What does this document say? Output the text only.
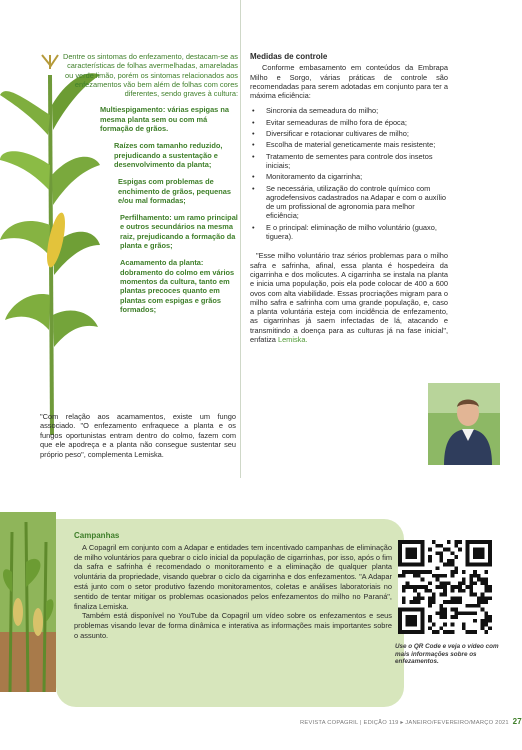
Dentre os sintomas do enfezamento, destacam-se as características de folhas avermelhadas, amareladas ou verde limão, porém os sintomas relacionados aos enfezamentos vão bem além de folhas com cores diferentes, sendo graves à cultura:

Multiespigamento: várias espigas na mesma planta sem ou com má formação de grãos.

Raízes com tamanho reduzido, prejudicando a sustentação e desenvolvimento da planta;

Espigas com problemas de enchimento de grãos, pequenas e/ou mal formadas;

Perfilhamento: um ramo principal e outros secundários na mesma raiz, prejudicando a formação da planta e grãos;

Acamamento da planta: dobramento do colmo em vários momentos da cultura, tanto em plantas precoces quanto em plantas com espigas e grãos formados;

"Com relação aos acamamentos, existe um fungo associado. "O enfezamento enfraquece a planta e os fungos oportunistas entram dentro do colmo, fazem com que ele apodreça e a planta não consegue sustentar seu próprio peso", complementa Lemiska.

Medidas de controle

Conforme embasamento em conteúdos da Embrapa Milho e Sorgo, várias práticas de controle são recomendadas para serem adotadas em conjunto para ter a máxima eficiência:

• Sincronia da semeadura do milho;
• Evitar semeaduras de milho fora de época;
• Diversificar e rotacionar cultivares de milho;
• Escolha de material geneticamente mais resistente;
• Tratamento de sementes para controle dos insetos iniciais;
• Monitoramento da cigarrinha;
• Se necessária, utilização do controle químico com agrodefensivos cadastrados na Adapar e com o auxílio de um profissional de agronomia para melhor eficiência;
• E o principal: eliminação de milho voluntário (guaxo, tiguera).

"Esse milho voluntário traz sérios problemas para o milho safra e safrinha, afinal, essa planta é hospedeira da cigarrinha e dos molicutes. A cigarrinha se instala na planta e inicia uma população, pois ela pode colocar de 400 a 600 ovos com alta viabilidade. Essas procriações migram para o milho safra e safrinha com uma grande população, e, caso a planta voluntária esteja com incidência de enfezamento, as cigarrinhas já saem infectadas de lá, atacando e transmitindo a doença para as culturas já na fase inicial", enfatiza Lemiska.

Campanhas

A Copagril em conjunto com a Adapar e entidades tem incentivado campanhas de eliminação de milho voluntários para quebrar o ciclo inicial da população de cigarrinhas, por isso, após o fim da safra e safrinha é recomendado o monitoramento e a eliminação de qualquer planta voluntária da propriedade, visando quebrar o ciclo da cigarrinha e dos enfezamentos. "A Adapar está junto com o setor produtivo fazendo monitoramentos, coletas e análises laboratoriais no sentido de tentar mitigar os problemas ocasionados pelos enfezamentos do milho no Paraná", finaliza Lemiska.

Também está disponível no YouTube da Copagril um vídeo sobre os enfezamentos e seus problemas visando levar de forma dinâmica e interativa as informações mais importantes sobre o assunto.

Use o QR Code e veja o vídeo com mais informações sobre os enfezamentos.

REVISTA COPAGRIL | EDIÇÃO 119 ▸ JANEIRO/FEVEREIRO/MARÇO 2021 27
